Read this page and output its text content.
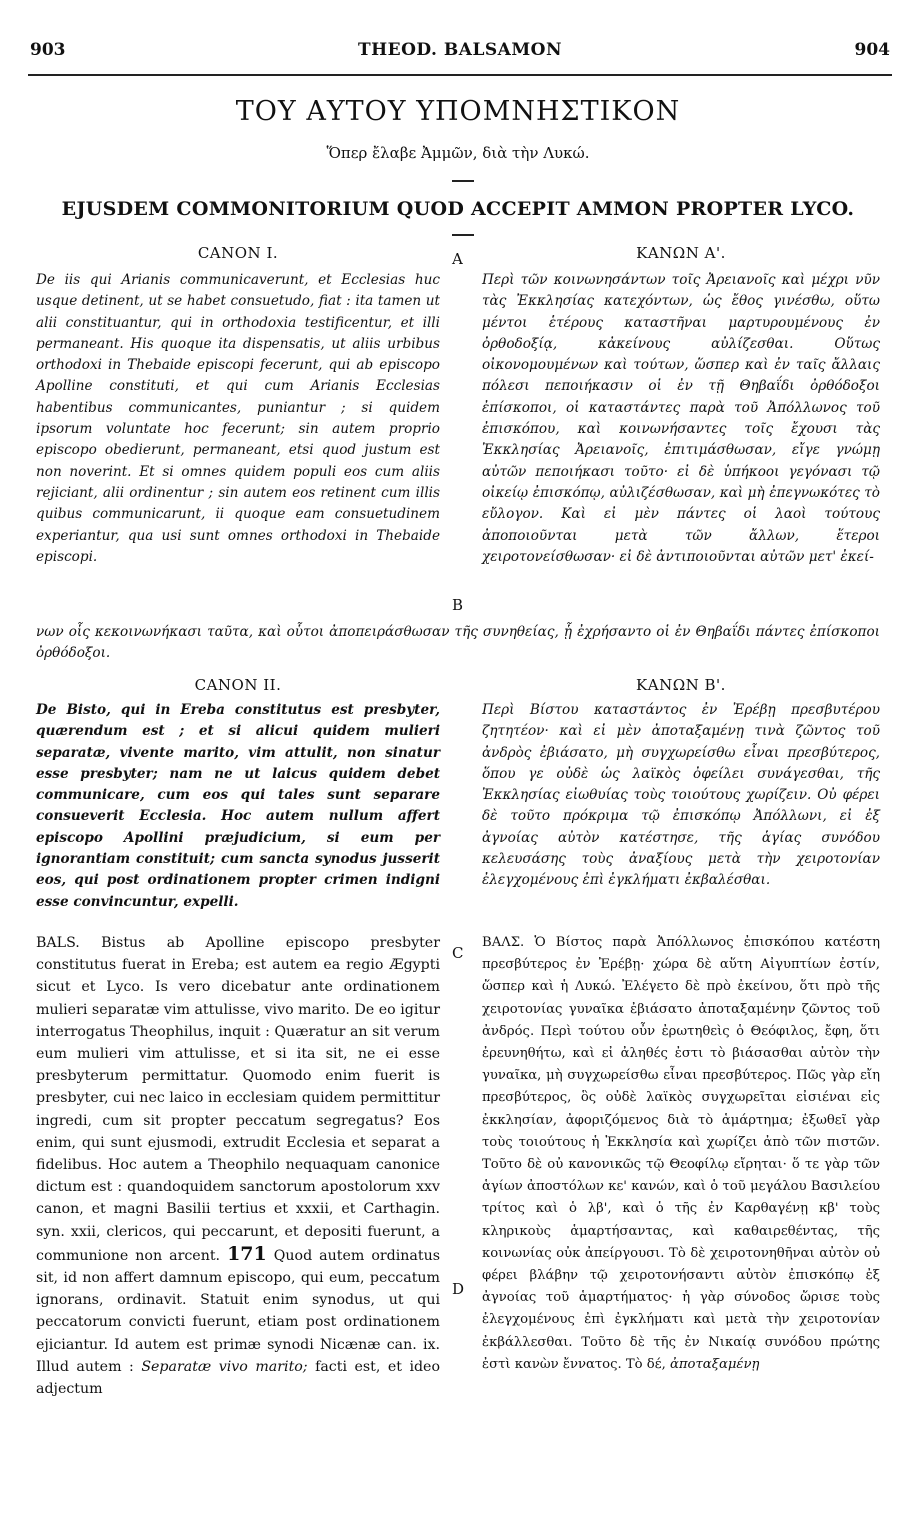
903	THEOD. BALSAMON	904
ΤΟΥ ΑΥΤΟΥ ΥΠΟΜΝΗΣΤΙΚΟΝ
Ὅπερ ἔλαβε Ἀμμῶν, διὰ τὴν Λυκώ.
EJUSDEM COMMONITORIUM QUOD ACCEPIT AMMON PROPTER LYCO.
CANON I.	ΚΑΝΩΝ Α'.
A

De iis qui Arianis communicaverunt, et Ecclesias huc usque detinent, ut se habet consuetudo, fiat : ita tamen ut alii constituantur, qui in orthodoxia testificentur, et illi permaneant. His quoque ita dispensatis, ut aliis urbibus orthodoxi in Thebaide episcopi fecerunt, qui ab episcopo Apolline constituti, et qui cum Arianis Ecclesias habentibus communicantes, puniantur ; si quidem ipsorum voluntate hoc fecerunt; sin autem proprio episcopo obedierunt, permaneant, etsi quod justum est non noverint. Et si omnes quidem populi eos cum aliis rejiciant, alii ordinentur ; sin autem eos retinent cum illis quibus communicarunt, ii quoque eam consuetudinem experiantur, qua usi sunt omnes orthodoxi in Thebaide episcopi.

Περὶ τῶν κοινωνησάντων τοῖς Ἀρειανοῖς καὶ μέχρι νῦν τὰς Ἐκκλησίας κατεχόντων, ὡς ἔθος γινέσθω, οὕτω μέντοι ἑτέρους καταστῆναι μαρτυρουμένους ἐν ὀρθοδοξίᾳ, κἀκείνους αὐλίζεσθαι. Οὕτως οἰκονομουμένων καὶ τούτων, ὥσπερ καὶ ἐν ταῖς ἄλλαις πόλεσι πεποιήκασιν οἱ ἐν τῇ Θηβαΐδι ὀρθόδοξοι ἐπίσκοποι, οἱ καταστάντες παρὰ τοῦ Ἀπόλλωνος τοῦ ἐπισκόπου, καὶ κοινωνήσαντες τοῖς ἔχουσι τὰς Ἐκκλησίας Ἀρειανοῖς, ἐπιτιμάσθωσαν, εἴγε γνώμῃ αὐτῶν πεποιήκασι τοῦτο· εἰ δὲ ὑπήκοοι γεγόνασι τῷ οἰκείῳ ἐπισκόπῳ, αὐλιζέσθωσαν, καὶ μὴ ἐπεγνωκότες τὸ εὔλογον. Καὶ εἰ μὲν πάντες οἱ λαοὶ τούτους ἀποποιοῦνται μετὰ τῶν ἄλλων, ἕτεροι χειροτονείσθωσαν· εἰ δὲ ἀντιποιοῦνται αὐτῶν μετ' ἐκεί-

B
νων οἷς κεκοινωνήκασι ταῦτα, καὶ οὗτοι ἀποπειράσθωσαν τῆς συνηθείας, ᾗ ἐχρήσαντο οἱ ἐν Θηβαΐδι πάντες ἐπίσκοποι ὀρθόδοξοι.
CANON II.	ΚΑΝΩΝ Β'.

De Bisto, qui in Ereba constitutus est presbyter, quærendum est ; et si alicui quidem mulieri separatæ, vivente marito, vim attulit, non sinatur esse presbyter; nam ne ut laicus quidem debet communicare, cum eos qui tales sunt separare consueverit Ecclesia. Hoc autem nullum affert episcopo Apollini præjudicium, si eum per ignorantiam constituit; cum sancta synodus jusserit eos, qui post ordinationem propter crimen indigni esse convincuntur, expelli.

Περὶ Βίστου καταστάντος ἐν Ἐρέβῃ πρεσβυτέρου ζητητέον· καὶ εἰ μὲν ἀποταξαμένῃ τινὰ ζῶντος τοῦ ἀνδρὸς ἐβιάσατο, μὴ συγχωρείσθω εἶναι πρεσβύτερος, ὅπου γε οὐδὲ ὡς λαϊκὸς ὀφείλει συνάγεσθαι, τῆς Ἐκκλησίας εἰωθυίας τοὺς τοιούτους χωρίζειν. Οὐ φέρει δὲ τοῦτο πρόκριμα τῷ ἐπισκόπῳ Ἀπόλλωνι, εἰ ἐξ ἀγνοίας αὐτὸν κατέστησε, τῆς ἁγίας συνόδου κελευσάσης τοὺς ἀναξίους μετὰ τὴν χειροτονίαν ἐλεγχομένους ἐπὶ ἐγκλήματι ἐκβαλέσθαι.

C

BALS. Bistus ab Apolline episcopo presbyter constitutus fuerat in Ereba; est autem ea regio Ægypti sicut et Lyco. Is vero dicebatur ante ordinationem mulieri separatæ vim attulisse, vivo marito. De eo igitur interrogatus Theophilus, inquit : Quæratur an sit verum eum mulieri vim attulisse, et si ita sit, ne ei esse presbyterum permittatur. Quomodo enim fuerit is presbyter, cui nec laico in ecclesiam quidem permittitur ingredi, cum sit propter peccatum segregatus? Eos enim, qui sunt ejusmodi, extrudit Ecclesia et separat a fidelibus. Hoc autem a Theophilo nequaquam canonice dictum est : quandoquidem sanctorum apostolorum xxv canon, et magni Basilii tertius et xxxii, et Carthagin. syn. xxii, clericos, qui peccarunt, et depositi fuerunt, a communione non arcent. 171 Quod autem ordinatus sit, id non affert damnum episcopo, qui eum, peccatum ignorans, ordinavit. Statuit enim synodus, ut qui peccatorum convicti fuerunt, etiam post ordinationem ejiciantur. Id autem est primæ synodi Nicænæ can. ix. Illud autem : Separatæ vivo marito; facti est, et ideo adjectum

D

ΒΑΛΣ. Ὁ Βίστος παρὰ Ἀπόλλωνος ἐπισκόπου κατέστη πρεσβύτερος ἐν Ἐρέβῃ· χώρα δὲ αὕτη Αἰγυπτίων ἐστίν, ὥσπερ καὶ ἡ Λυκώ. Ἐλέγετο δὲ πρὸ ἐκείνου, ὅτι πρὸ τῆς χειροτονίας γυναῖκα ἐβιάσατο ἀποταξαμένην ζῶντος τοῦ ἀνδρός. Περὶ τούτου οὖν ἐρωτηθεὶς ὁ Θεόφιλος, ἔφη, ὅτι ἐρευνηθήτω, καὶ εἰ ἀληθές ἐστι τὸ βιάσασθαι αὐτὸν τὴν γυναῖκα, μὴ συγχωρείσθω εἶναι πρεσβύτερος. Πῶς γὰρ εἴη πρεσβύτερος, ὃς οὐδὲ λαϊκὸς συγχωρεῖται εἰσιέναι εἰς ἐκκλησίαν, ἀφοριζόμενος διὰ τὸ ἁμάρτημα; ἐξωθεῖ γὰρ τοὺς τοιούτους ἡ Ἐκκλησία καὶ χωρίζει ἀπὸ τῶν πιστῶν. Τοῦτο δὲ οὐ κανονικῶς τῷ Θεοφίλῳ εἴρηται· ὅ τε γὰρ τῶν ἁγίων ἀποστόλων κε' κανών, καὶ ὁ τοῦ μεγάλου Βασιλείου τρίτος καὶ ὁ λβ', καὶ ὁ τῆς ἐν Καρθαγένῃ κβ' τοὺς κληρικοὺς ἁμαρτήσαντας, καὶ καθαιρεθέντας, τῆς κοινωνίας οὐκ ἀπείργουσι. Τὸ δὲ χειροτονηθῆναι αὐτὸν οὐ φέρει βλάβην τῷ χειροτονήσαντι αὐτὸν ἐπισκόπῳ ἐξ ἀγνοίας τοῦ ἁμαρτήματος· ἡ γὰρ σύνοδος ὥρισε τοὺς ἐλεγχομένους ἐπὶ ἐγκλήματι καὶ μετὰ τὴν χειροτονίαν ἐκβάλλεσθαι. Τοῦτο δὲ τῆς ἐν Νικαίᾳ συνόδου πρώτης ἐστὶ κανὼν ἔννατος. Τὸ δέ, ἀποταξαμένῃ
